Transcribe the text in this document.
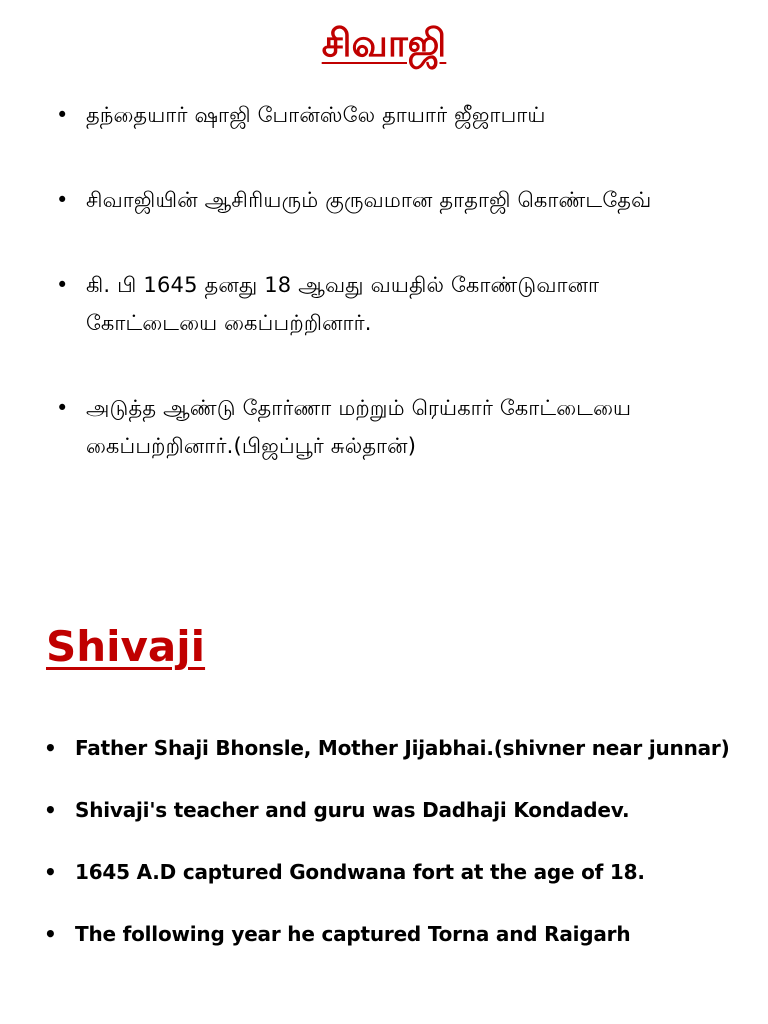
சிவாஜி
• தந்தையார் ஷாஜி போன்ஸ்லே தாயார் ஜீஜாபாய்
• சிவாஜியின் ஆசிரியரும் குருவமான தாதாஜி கொண்டதேவ்
• கி. பி 1645 தனது 18 ஆவது வயதில் கோண்டுவானா கோட்டையை கைப்பற்றினார்.
• அடுத்த ஆண்டு தோர்ணா மற்றும் ரெய்கார் கோட்டையை கைப்பற்றினார்.(பிஜப்பூர் சுல்தான்)
Shivaji
• Father Shaji Bhonsle, Mother Jijabhai.(shivner near junnar)
• Shivaji's teacher and guru was Dadhaji Kondadev.
• 1645 A.D captured Gondwana fort at the age of 18.
• The following year he captured Torna and Raigarh
